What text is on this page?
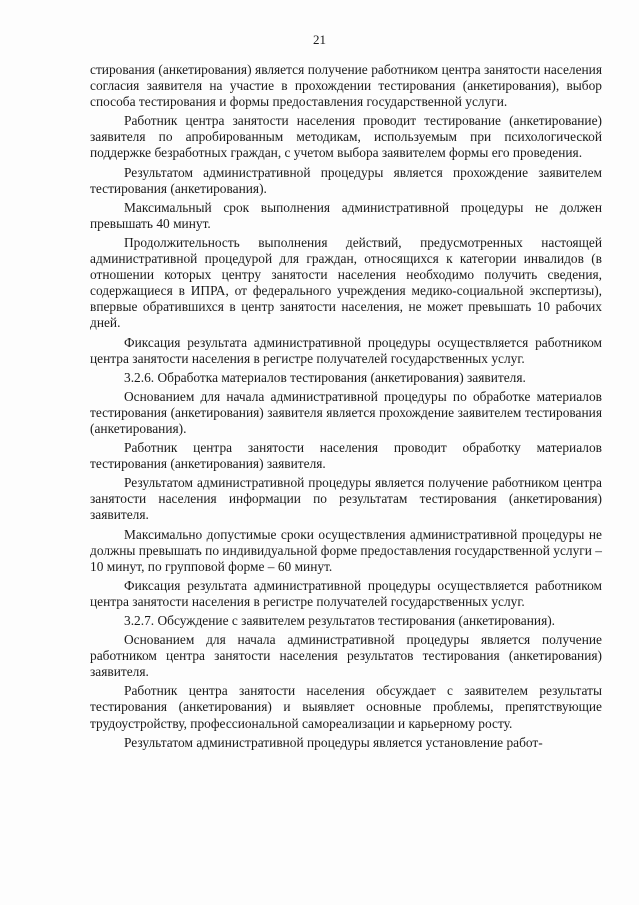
21

стирования (анкетирования) является получение работником центра занятости населения согласия заявителя на участие в прохождении тестирования (анкетирования), выбор способа тестирования и формы предоставления государственной услуги.

Работник центра занятости населения проводит тестирование (анкетирование) заявителя по апробированным методикам, используемым при психологической поддержке безработных граждан, с учетом выбора заявителем формы его проведения.

Результатом административной процедуры является прохождение заявителем тестирования (анкетирования).

Максимальный срок выполнения административной процедуры не должен превышать 40 минут.

Продолжительность выполнения действий, предусмотренных настоящей административной процедурой для граждан, относящихся к категории инвалидов (в отношении которых центру занятости населения необходимо получить сведения, содержащиеся в ИПРА, от федерального учреждения медико-социальной экспертизы), впервые обратившихся в центр занятости населения, не может превышать 10 рабочих дней.

Фиксация результата административной процедуры осуществляется работником центра занятости населения в регистре получателей государственных услуг.

3.2.6. Обработка материалов тестирования (анкетирования) заявителя.

Основанием для начала административной процедуры по обработке материалов тестирования (анкетирования) заявителя является прохождение заявителем тестирования (анкетирования).

Работник центра занятости населения проводит обработку материалов тестирования (анкетирования) заявителя.

Результатом административной процедуры является получение работником центра занятости населения информации по результатам тестирования (анкетирования) заявителя.

Максимально допустимые сроки осуществления административной процедуры не должны превышать по индивидуальной форме предоставления государственной услуги – 10 минут, по групповой форме – 60 минут.

Фиксация результата административной процедуры осуществляется работником центра занятости населения в регистре получателей государственных услуг.

3.2.7. Обсуждение с заявителем результатов тестирования (анкетирования).

Основанием для начала административной процедуры является получение работником центра занятости населения результатов тестирования (анкетирования) заявителя.

Работник центра занятости населения обсуждает с заявителем результаты тестирования (анкетирования) и выявляет основные проблемы, препятствующие трудоустройству, профессиональной самореализации и карьерному росту.

Результатом административной процедуры является установление работ-
